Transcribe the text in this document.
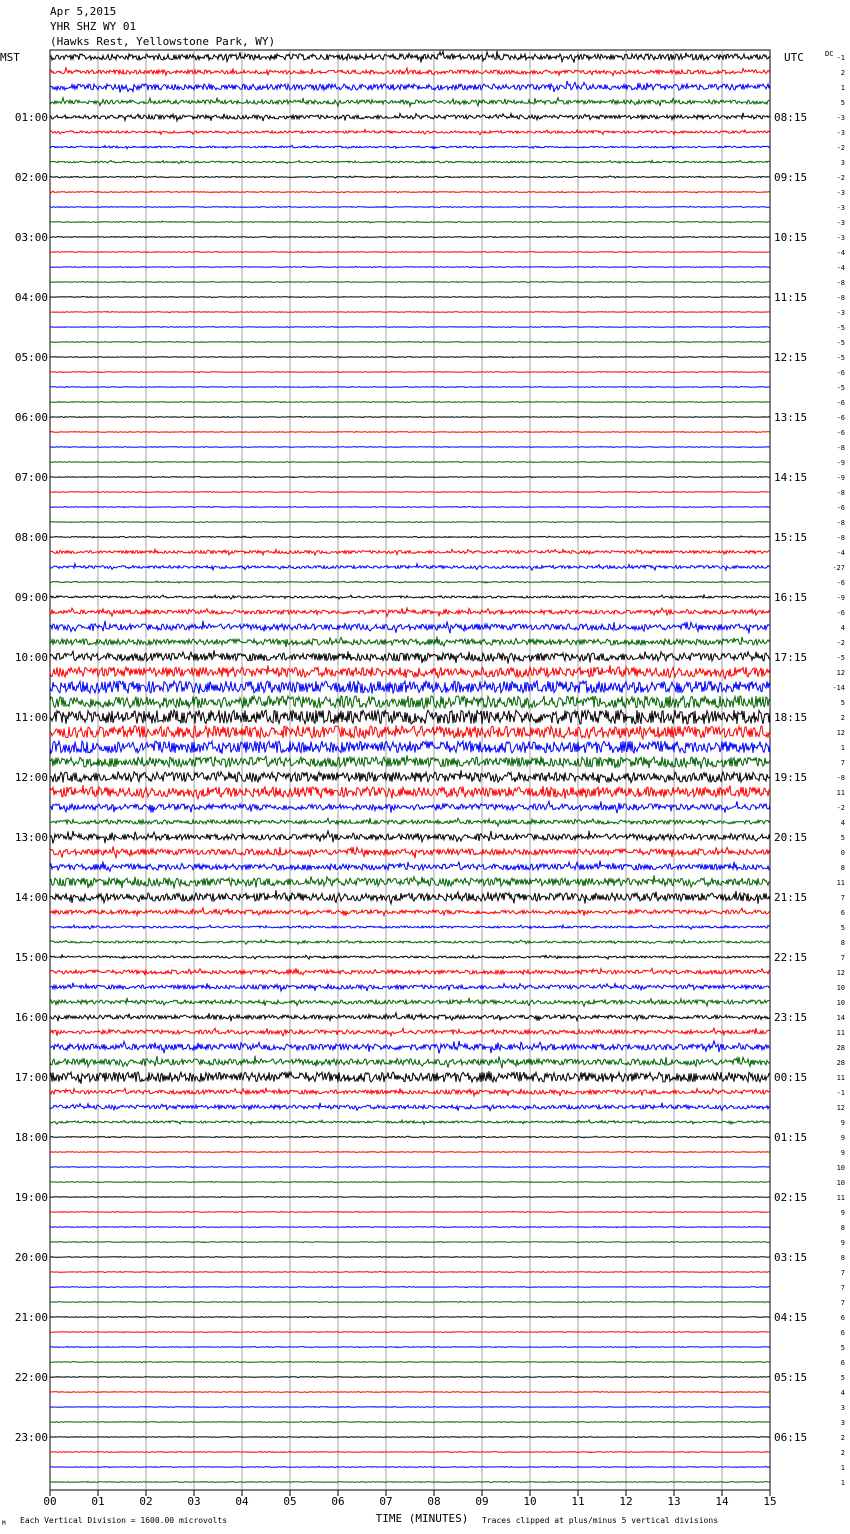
Apr 5,2015
YHR SHZ WY 01
(Hawks Rest, Yellowstone Park, WY)
00	01	02	03	04	05	06	07	08	09	10	11	12	13	14	15
MST	UTC	DC
TIME (MINUTES)
M Each Vertical Division = 1600.00 microvolts	Traces clipped at plus/minus 5 vertical divisions
-1
2
1
5
-3
-3
-2
3
-2
-3
-3
-3
-3
-4
-4
-8
-8
-3
-5
-5
-5
-6
-5
-6
-6
-6
-8
-9
-9
-8
-6
-8
-8
-4
-27
-6
-9
-6
4
-2
-5
12
-14
5
2
12
1
7
-8
11
-2
4
5
0
8
11
7
6
5
8
7
12
10
10
14
11
28
28
11
-1
12
9
9
9
10
10
11
9
8
9
8
7
7
7
6
6
5
6
5
4
3
3
2
2
1
1
01:00
02:00
03:00
04:00
05:00
06:00
07:00
08:00
09:00
10:00
11:00
12:00
13:00
14:00
15:00
16:00
17:00
18:00
19:00
20:00
21:00
22:00
23:00
08:15
09:15
10:15
11:15
12:15
13:15
14:15
15:15
16:15
17:15
18:15
19:15
20:15
21:15
22:15
23:15
00:15
01:15
02:15
03:15
04:15
05:15
06:15
